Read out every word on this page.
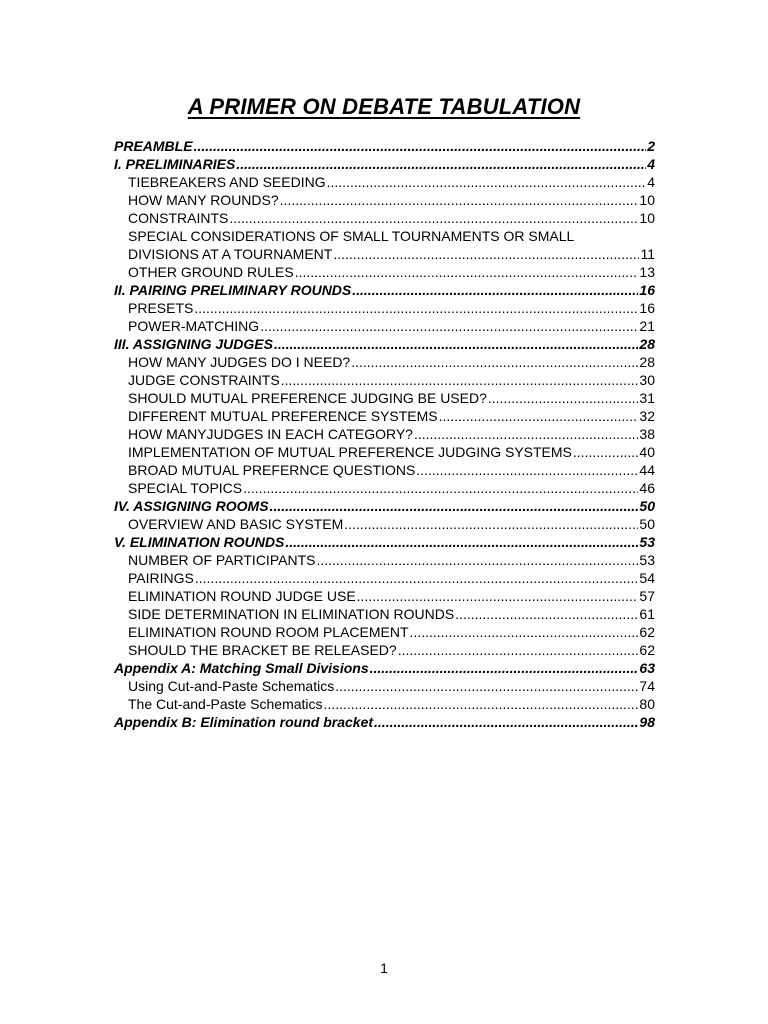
A PRIMER ON DEBATE TABULATION
PREAMBLE .....	2
I. PRELIMINARIES .....	4
TIEBREAKERS AND SEEDING .....	4
HOW MANY ROUNDS? .....	10
CONSTRAINTS .....	10
SPECIAL CONSIDERATIONS OF SMALL TOURNAMENTS OR SMALL
DIVISIONS AT A TOURNAMENT .....	11
OTHER GROUND RULES .....	13
II. PAIRING PRELIMINARY ROUNDS .....	16
PRESETS .....	16
POWER-MATCHING .....	21
III. ASSIGNING JUDGES .....	28
HOW MANY JUDGES DO I NEED? .....	28
JUDGE CONSTRAINTS .....	30
SHOULD MUTUAL PREFERENCE JUDGING BE USED? .....	31
DIFFERENT MUTUAL PREFERENCE SYSTEMS .....	32
HOW MANYJUDGES IN EACH CATEGORY? .....	38
IMPLEMENTATION OF MUTUAL PREFERENCE JUDGING SYSTEMS .....	40
BROAD MUTUAL PREFERNCE QUESTIONS .....	44
SPECIAL TOPICS .....	46
IV. ASSIGNING ROOMS .....	50
OVERVIEW AND BASIC SYSTEM .....	50
V. ELIMINATION ROUNDS .....	53
NUMBER OF PARTICIPANTS .....	53
PAIRINGS .....	54
ELIMINATION ROUND JUDGE USE .....	57
SIDE DETERMINATION IN ELIMINATION ROUNDS .....	61
ELIMINATION ROUND ROOM PLACEMENT .....	62
SHOULD THE BRACKET BE RELEASED? .....	62
Appendix A: Matching Small Divisions .....	63
Using Cut-and-Paste Schematics .....	74
The Cut-and-Paste Schematics .....	80
Appendix B: Elimination round bracket .....	98
1
